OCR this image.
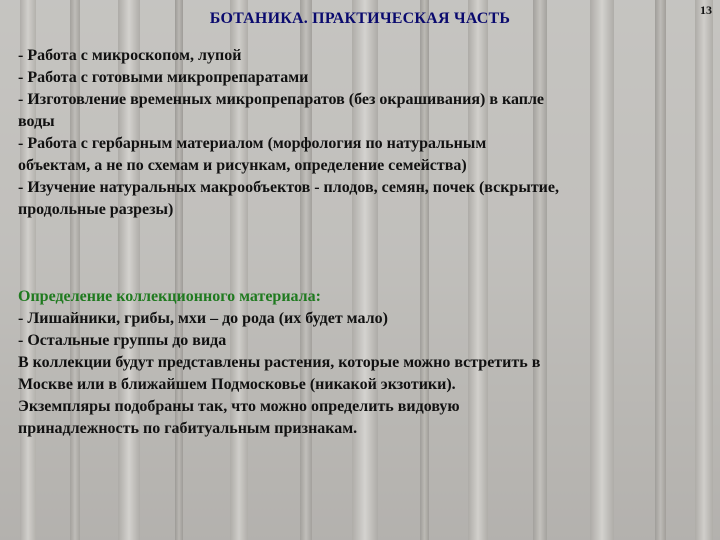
БОТАНИКА. ПРАКТИЧЕСКАЯ ЧАСТЬ	13
- Работа с микроскопом, лупой
- Работа с готовыми микропрепаратами
- Изготовление временных микропрепаратов (без окрашивания) в капле
воды
- Работа с гербарным материалом (морфология по натуральным
объектам, а не по схемам и рисункам, определение семейства)
- Изучение натуральных макрообъектов - плодов, семян, почек (вскрытие,
продольные разрезы)
Определение коллекционного материала:
- Лишайники, грибы, мхи – до рода (их будет мало)
- Остальные группы до вида
В коллекции будут представлены растения, которые можно встретить в
Москве или в ближайшем Подмосковье (никакой экзотики).
Экземпляры подобраны так, что можно определить видовую
принадлежность по габитуальным признакам.
